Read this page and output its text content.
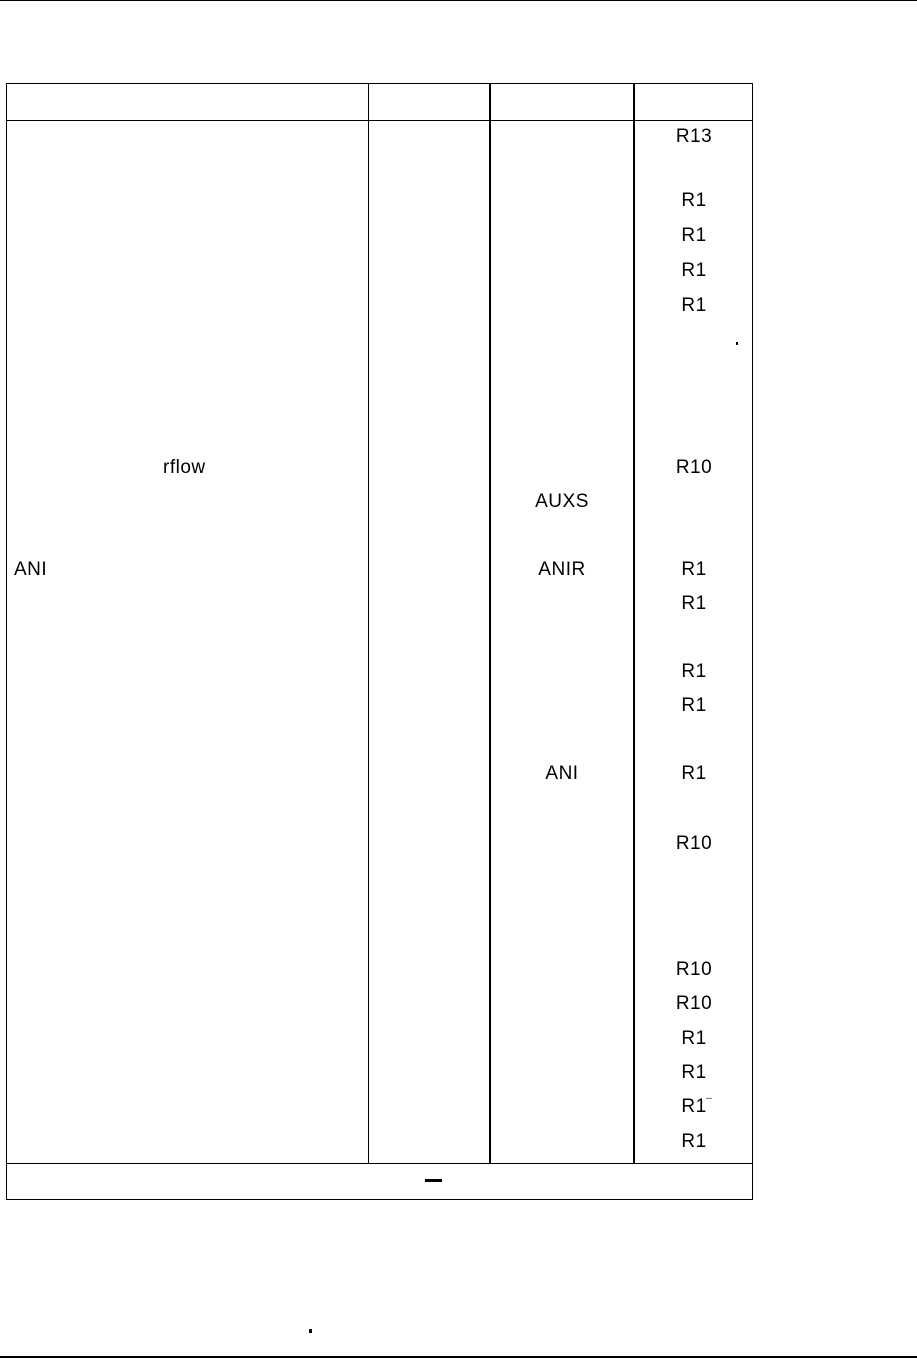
rflow
ANI
AUXS
ANIR
ANI
R13
R1
R1
R1
R1
R10
R1
R1
R1
R1
R1
R10
R10
R10
R1
R1
R1 --
R1
